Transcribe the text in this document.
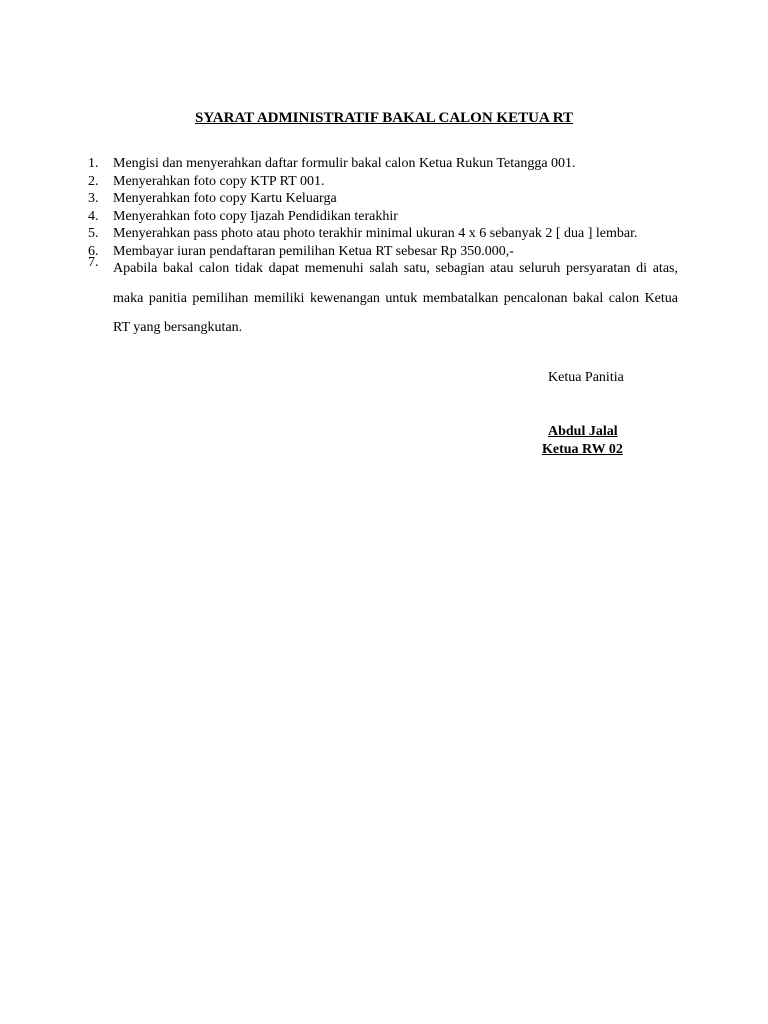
SYARAT ADMINISTRATIF BAKAL CALON KETUA RT
1. Mengisi dan menyerahkan daftar formulir bakal calon Ketua Rukun Tetangga 001.
2. Menyerahkan foto copy KTP RT 001.
3. Menyerahkan foto copy Kartu Keluarga
4. Menyerahkan foto copy Ijazah Pendidikan terakhir
5. Menyerahkan pass photo atau photo terakhir minimal ukuran 4 x 6 sebanyak 2 [ dua ] lembar.
6. Membayar iuran pendaftaran pemilihan Ketua RT sebesar Rp 350.000,-
7. Apabila bakal calon tidak dapat memenuhi salah satu, sebagian atau seluruh persyaratan di atas, maka panitia pemilihan memiliki kewenangan untuk membatalkan pencalonan bakal calon Ketua RT yang bersangkutan.
Ketua Panitia
Abdul Jalal
Ketua RW 02
